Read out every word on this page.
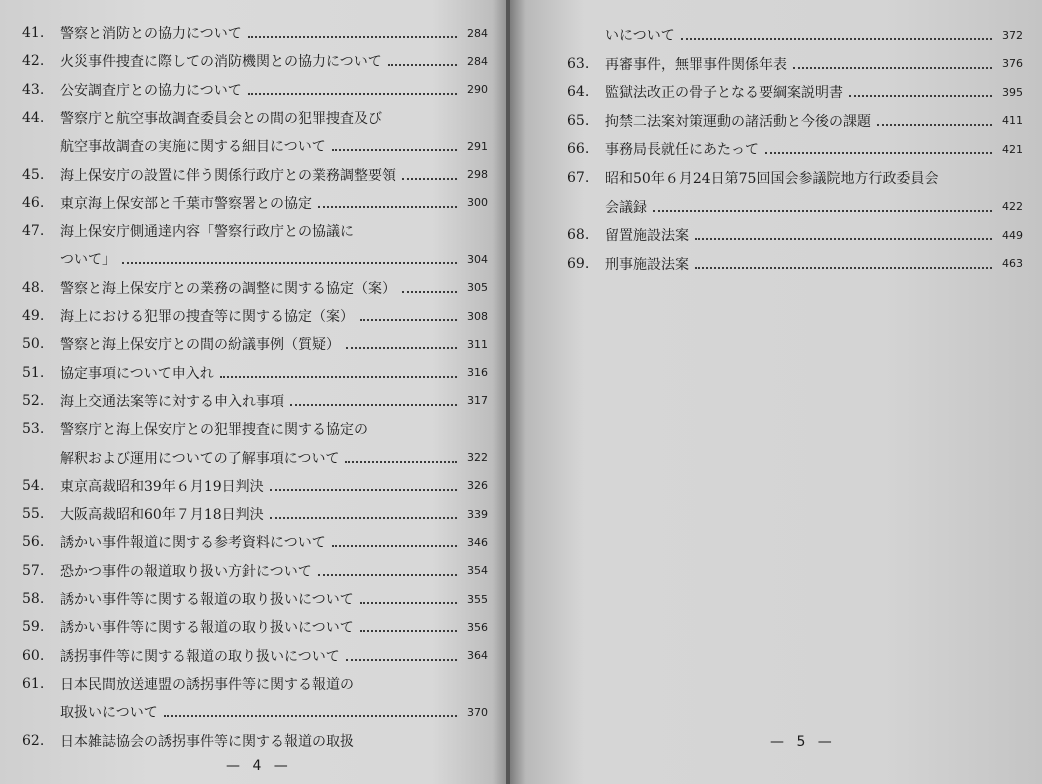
41.	警察と消防との協力について	284
42.	火災事件捜査に際しての消防機関との協力について	284
43.	公安調査庁との協力について	290
44.	警察庁と航空事故調査委員会との間の犯罪捜査及び
航空事故調査の実施に関する細目について	291
45.	海上保安庁の設置に伴う関係行政庁との業務調整要領	298
46.	東京海上保安部と千葉市警察署との協定	300
47.	海上保安庁側通達内容「警察行政庁との協議に
ついて」	304
48.	警察と海上保安庁との業務の調整に関する協定（案）	305
49.	海上における犯罪の捜査等に関する協定（案）	308
50.	警察と海上保安庁との間の紛議事例（質疑）	311
51.	協定事項について申入れ	316
52.	海上交通法案等に対する申入れ事項	317
53.	警察庁と海上保安庁との犯罪捜査に関する協定の
解釈および運用についての了解事項について	322
54.	東京高裁昭和39年６月19日判決	326
55.	大阪高裁昭和60年７月18日判決	339
56.	誘かい事件報道に関する参考資料について	346
57.	恐かつ事件の報道取り扱い方針について	354
58.	誘かい事件等に関する報道の取り扱いについて	355
59.	誘かい事件等に関する報道の取り扱いについて	356
60.	誘拐事件等に関する報道の取り扱いについて	364
61.	日本民間放送連盟の誘拐事件等に関する報道の
取扱いについて	370
62.	日本雑誌協会の誘拐事件等に関する報道の取扱
いについて	372
63.	再審事件，無罪事件関係年表	376
64.	監獄法改正の骨子となる要綱案説明書	395
65.	拘禁二法案対策運動の諸活動と今後の課題	411
66.	事務局長就任にあたって	421
67.	昭和50年６月24日第75回国会参議院地方行政委員会
会議録	422
68.	留置施設法案	449
69.	刑事施設法案	463
— 4 —
— 5 —
